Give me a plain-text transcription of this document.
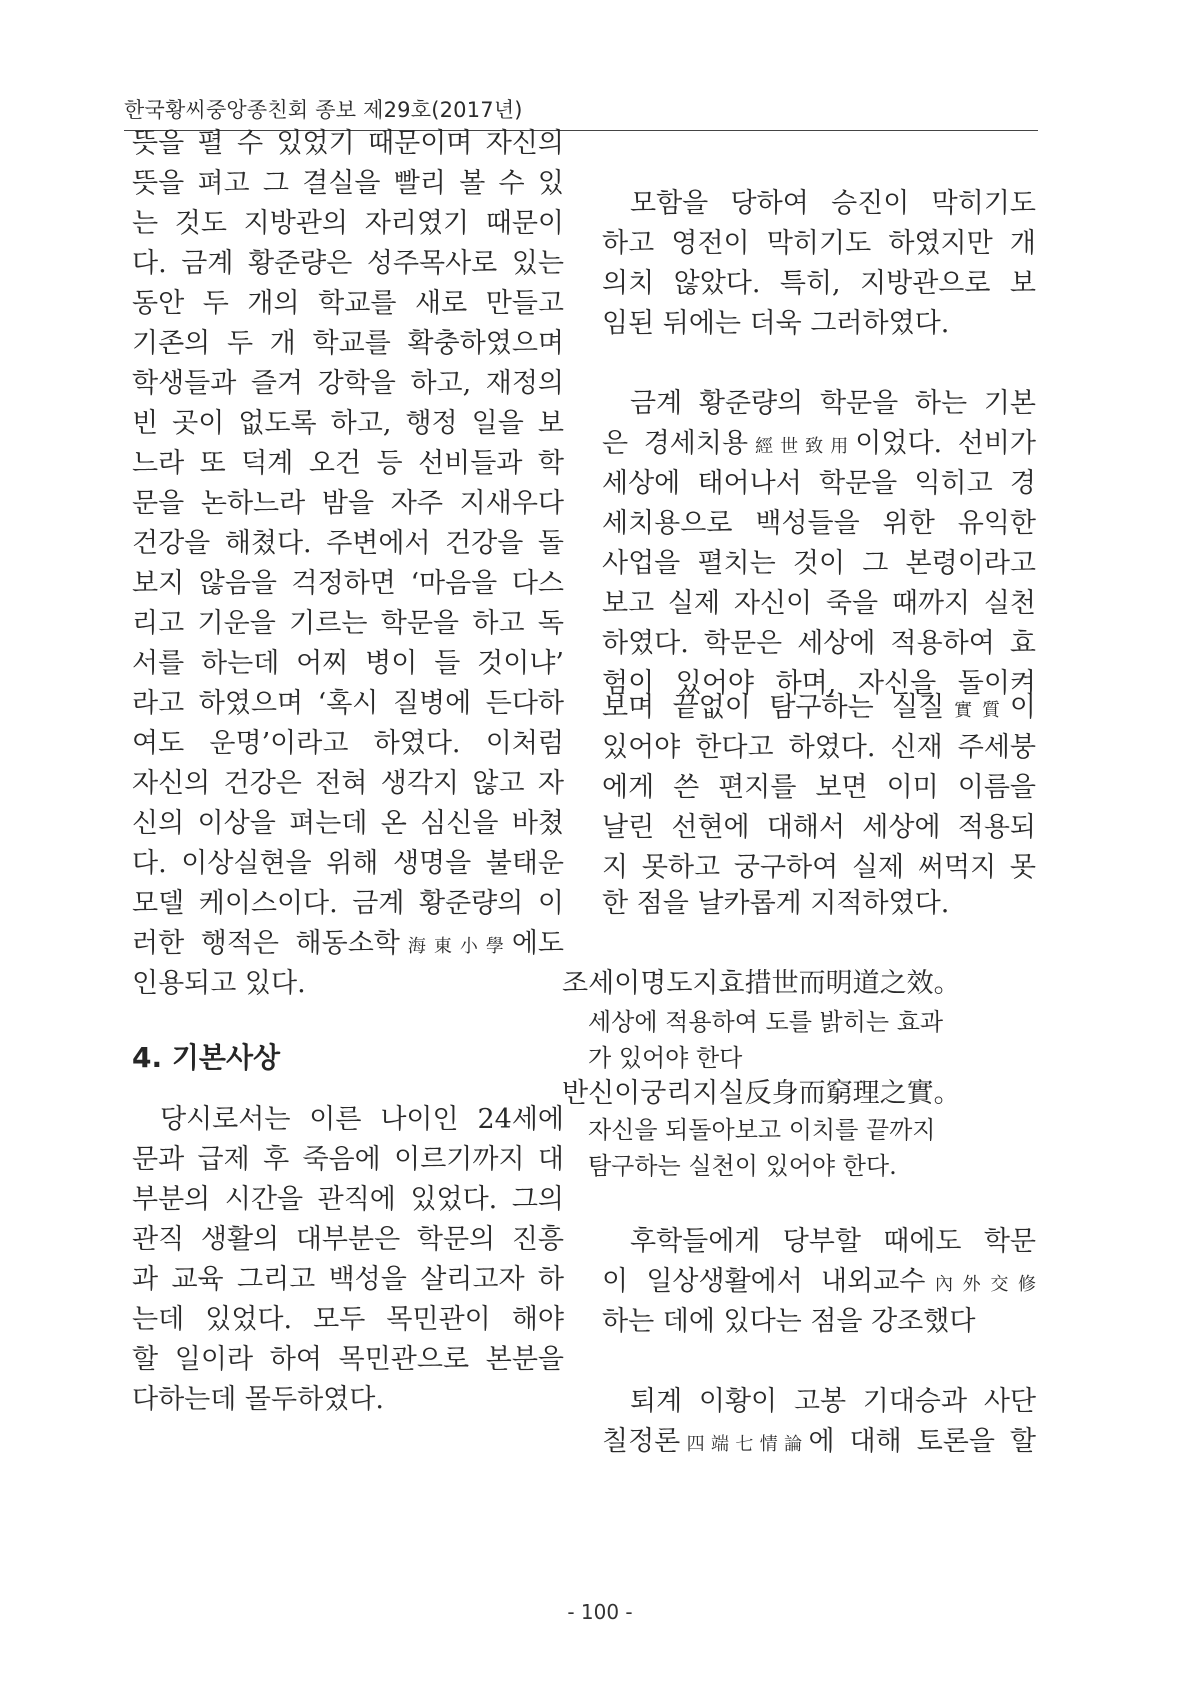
한국황씨중앙종친회 종보 제29호(2017년)
뜻을 펼 수 있었기 때문이며 자신의
뜻을 펴고 그 결실을 빨리 볼 수 있
는 것도 지방관의 자리였기 때문이
다. 금계 황준량은 성주목사로 있는
동안 두 개의 학교를 새로 만들고
기존의 두 개 학교를 확충하였으며
학생들과 즐겨 강학을 하고, 재정의
빈 곳이 없도록 하고, 행정 일을 보
느라 또 덕계 오건 등 선비들과 학
문을 논하느라 밤을 자주 지새우다
건강을 해쳤다. 주변에서 건강을 돌
보지 않음을 걱정하면 ‘마음을 다스
리고 기운을 기르는 학문을 하고 독
서를 하는데 어찌 병이 들 것이냐’
라고 하였으며 ‘혹시 질병에 든다하
여도 운명’이라고 하였다. 이처럼
자신의 건강은 전혀 생각지 않고 자
신의 이상을 펴는데 온 심신을 바쳤
다. 이상실현을 위해 생명을 불태운
모델 케이스이다. 금계 황준량의 이
러한 행적은 해동소학海東小學에도
인용되고 있다.
당시로서는 이른 나이인 24세에
문과 급제 후 죽음에 이르기까지 대
부분의 시간을 관직에 있었다. 그의
관직 생활의 대부분은 학문의 진흥
과 교육 그리고 백성을 살리고자 하
는데 있었다. 모두 목민관이 해야
할 일이라 하여 목민관으로 본분을
다하는데 몰두하였다.
4. 기본사상
모함을 당하여 승진이 막히기도
하고 영전이 막히기도 하였지만 개
의치 않았다. 특히, 지방관으로 보
임된 뒤에는 더욱 그러하였다.
금계 황준량의 학문을 하는 기본
은 경세치용經世致用이었다. 선비가
세상에 태어나서 학문을 익히고 경
세치용으로 백성들을 위한 유익한
사업을 펼치는 것이 그 본령이라고
보고 실제 자신이 죽을 때까지 실천
하였다. 학문은 세상에 적용하여 효
험이 있어야 하며, 자신을 돌이켜
보며 끝없이 탐구하는 실질實質이
있어야 한다고 하였다. 신재 주세붕
에게 쓴 편지를 보면 이미 이름을
날린 선현에 대해서 세상에 적용되
지 못하고 궁구하여 실제 써먹지 못
한 점을 날카롭게 지적하였다.
조세이명도지효措世而明道之效。
세상에 적용하여 도를 밝히는 효과
가 있어야 한다
반신이궁리지실反身而窮理之實。
자신을 되돌아보고 이치를 끝까지
탐구하는 실천이 있어야 한다.
후학들에게 당부할 때에도 학문
이 일상생활에서 내외교수內外交修
하는 데에 있다는 점을 강조했다
퇴계 이황이 고봉 기대승과 사단
칠정론四端七情論에 대해 토론을 할
- 100 -
